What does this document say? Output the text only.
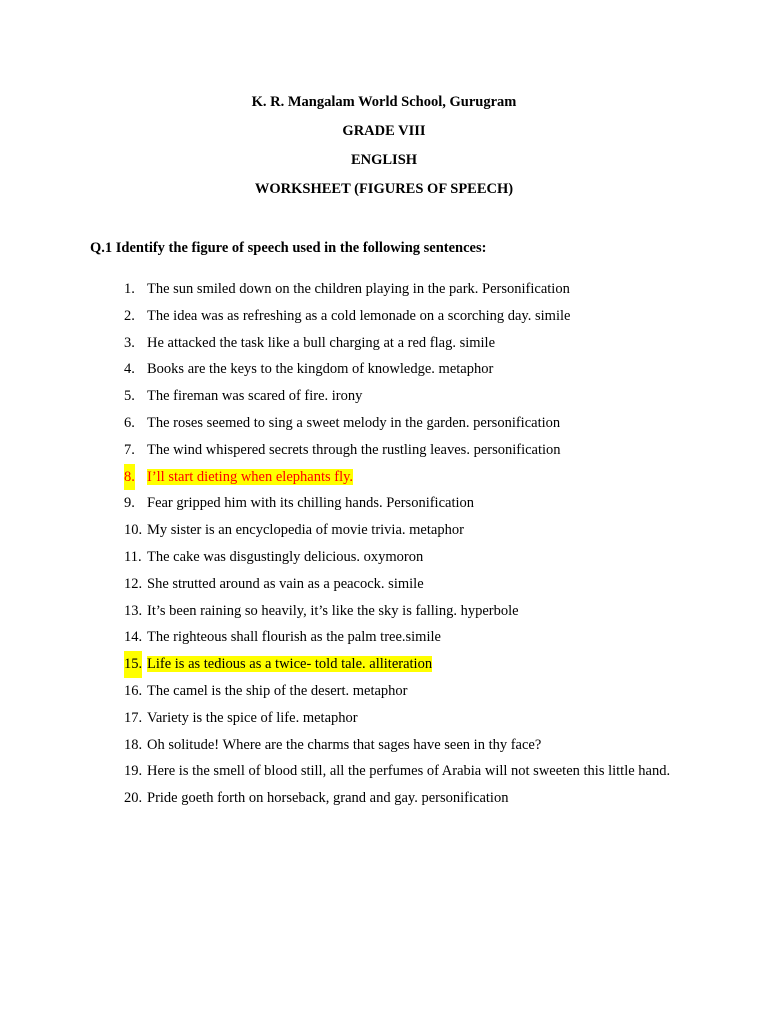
K. R. Mangalam World School, Gurugram
GRADE VIII
ENGLISH
WORKSHEET (FIGURES OF SPEECH)
Q.1 Identify the figure of speech used in the following sentences:
1. The sun smiled down on the children playing in the park. Personification
2. The idea was as refreshing as a cold lemonade on a scorching day. simile
3. He attacked the task like a bull charging at a red flag. simile
4. Books are the keys to the kingdom of knowledge. metaphor
5. The fireman was scared of fire. irony
6. The roses seemed to sing a sweet melody in the garden. personification
7. The wind whispered secrets through the rustling leaves. personification
8. I’ll start dieting when elephants fly.
9. Fear gripped him with its chilling hands. Personification
10. My sister is an encyclopedia of movie trivia. metaphor
11. The cake was disgustingly delicious. oxymoron
12. She strutted around as vain as a peacock. simile
13. It’s been raining so heavily, it’s like the sky is falling. hyperbole
14. The righteous shall flourish as the palm tree.simile
15. Life is as tedious as a twice- told tale. alliteration
16. The camel is the ship of the desert. metaphor
17. Variety is the spice of life. metaphor
18. Oh solitude! Where are the charms that sages have seen in thy face?
19. Here is the smell of blood still, all the perfumes of Arabia will not sweeten this little hand.
20. Pride goeth forth on horseback, grand and gay. personification
